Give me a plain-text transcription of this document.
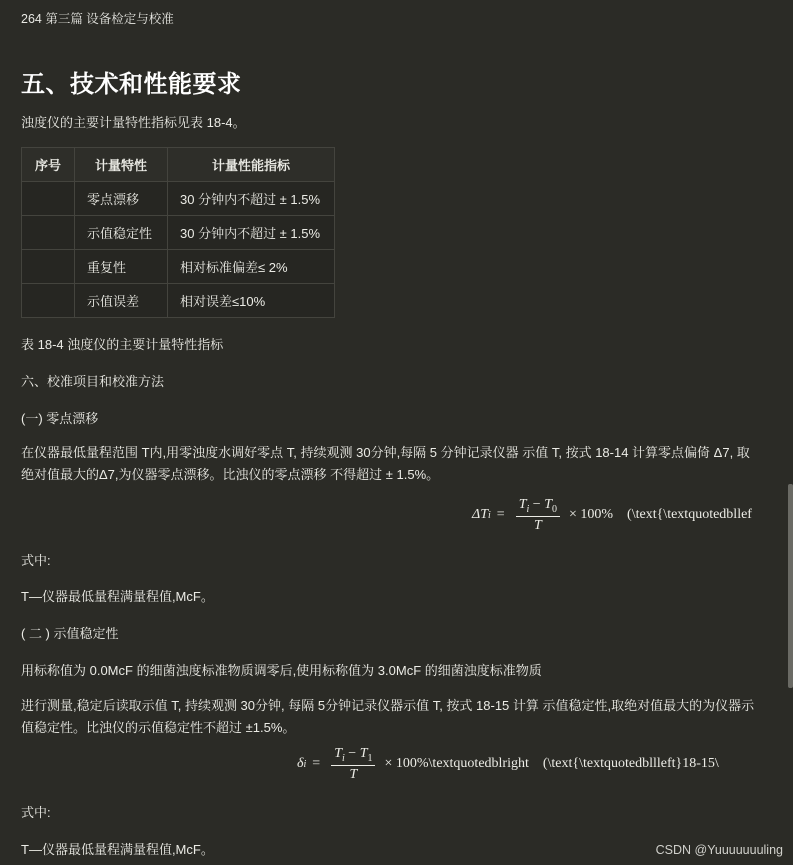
264 第三篇 设备检定与校准
五、技术和性能要求
浊度仪的主要计量特性指标见表 18-4。
序号	计量特性	计量性能指标
	零点漂移	30 分钟内不超过 ± 1.5%
	示值稳定性	30 分钟内不超过 ± 1.5%
	重复性	相对标准偏差≤ 2%
	示值误差	相对误差≤10%
表 18-4 浊度仪的主要计量特性指标
六、校准项目和校准方法
(一) 零点漂移
在仪器最低量程范围 T内,用零浊度水调好零点 T, 持续观测 30分钟,每隔 5 分钟记录仪器 示值 T, 按式 18-14 计算零点偏倚 Δ7, 取绝对值最大的Δ7,为仪器零点漂移。比浊仪的零点漂移 不得超过 ± 1.5%。
ΔT $i = \frac{T_i - T_0}{T} \times 100\%$ (\text{\textquotedbllef
式中:
T—仪器最低量程满量程值,McF。
( 二 ) 示值稳定性
用标称值为 0.0McF 的细菌浊度标准物质调零后,使用标称值为 3.0McF 的细菌浊度标准物质
进行测量,稳定后读取示值 T, 持续观测 30分钟, 每隔 5分钟记录仪器示值 T, 按式 18-15 计算 示值稳定性,取绝对值最大的为仪器示值稳定性。比浊仪的示值稳定性不超过 ±1.5%。
δ $i = \frac{T_i - T_1}{T}$ × 100%\textquotedblright (\text{\textquotedbllleft}18-15\
式中:
T—仪器最低量程满量程值,McF。	CSDN @Yuuuuuuuling
